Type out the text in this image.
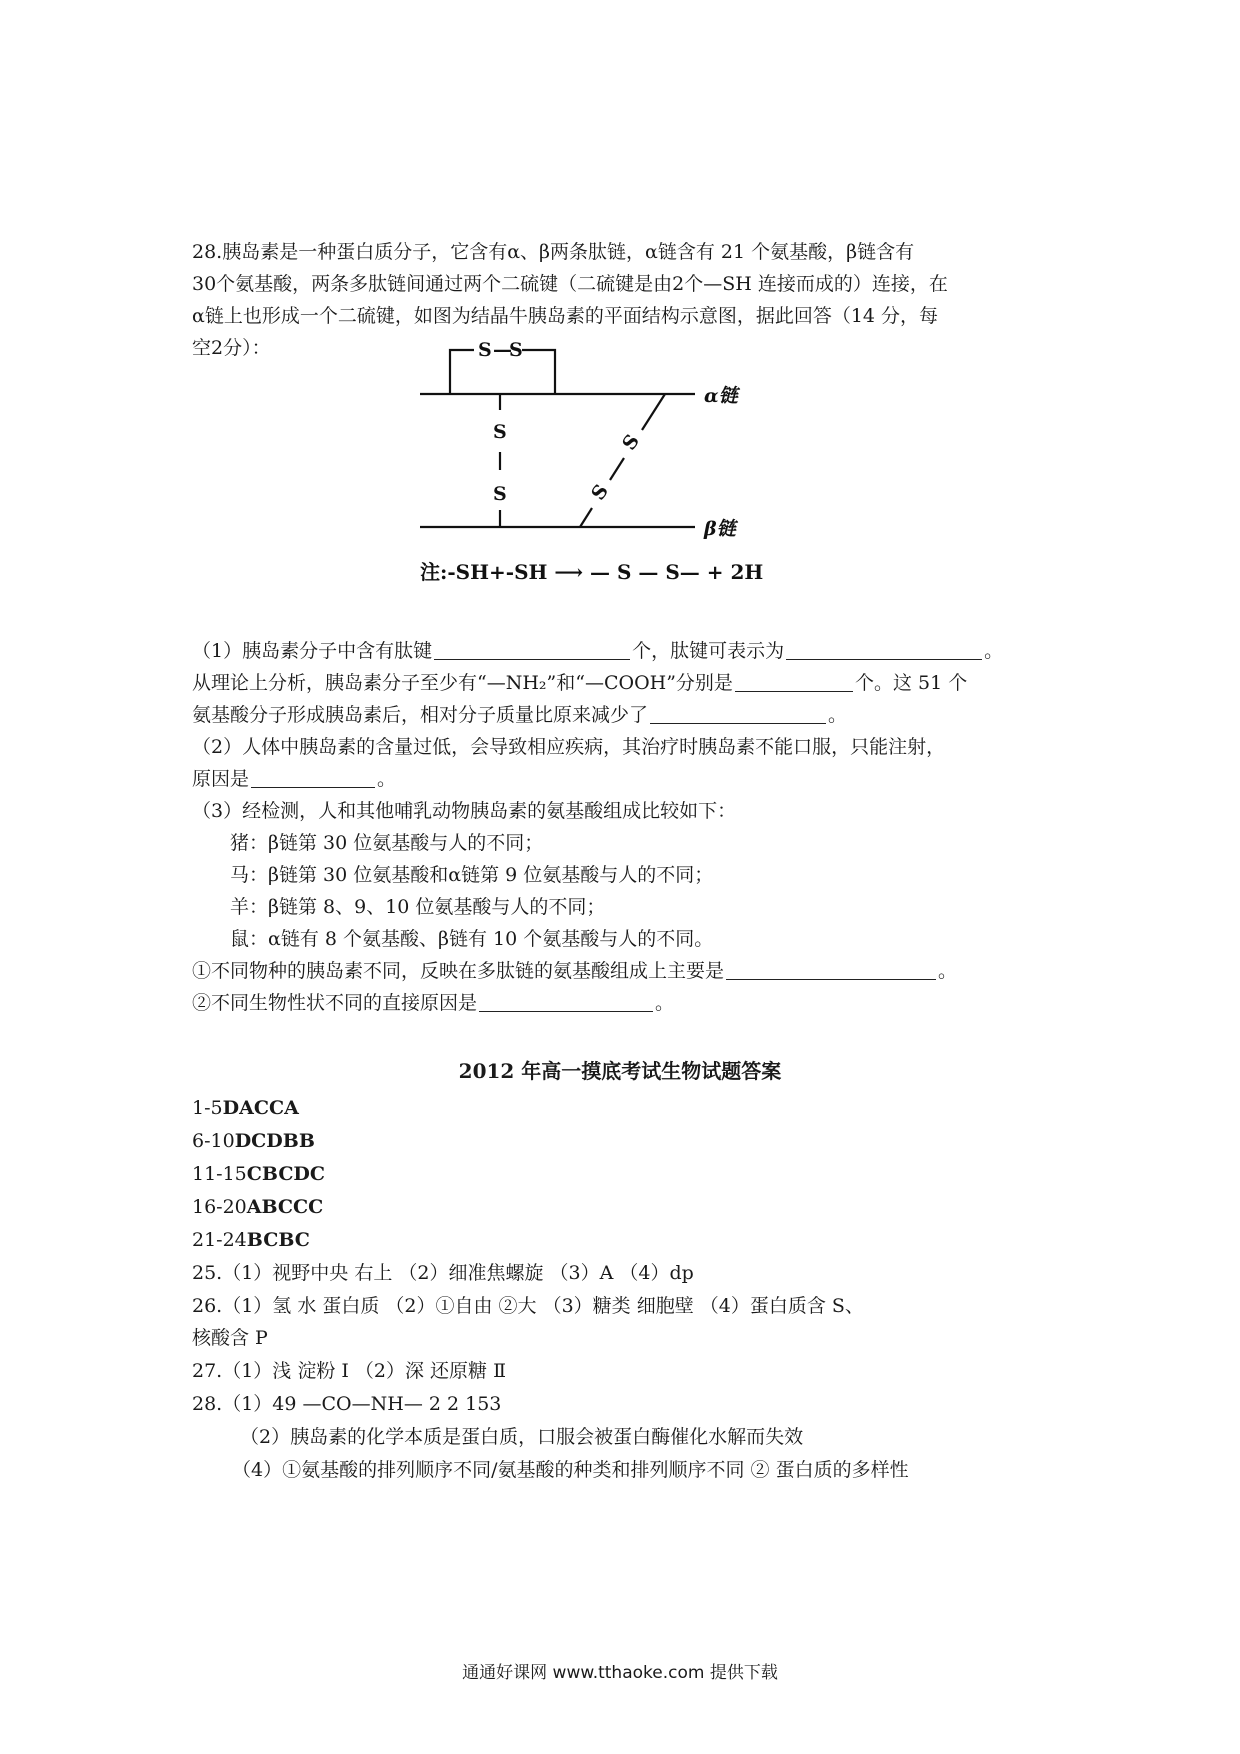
28.胰岛素是一种蛋白质分子，它含有α、β两条肽链，α链含有 21 个氨基酸，β链含有
30个氨基酸，两条多肽链间通过两个二硫键（二硫键是由2个—SH 连接而成的）连接，在
α链上也形成一个二硫键，如图为结晶牛胰岛素的平面结构示意图，据此回答（14 分，每
空2分）：	S —
S
S
S
S
S
α链
β链
注:-SH+-SH ⟶ — S — S— + 2H
（1）胰岛素分子中含有肽键	个，肽键可表示为	。
从理论上分析，胰岛素分子至少有“—NH₂”和“—COOH”分别是	个。这 51 个
氨基酸分子形成胰岛素后，相对分子质量比原来减少了	。
（2）人体中胰岛素的含量过低，会导致相应疾病，其治疗时胰岛素不能口服，只能注射，
原因是	。
（3）经检测，人和其他哺乳动物胰岛素的氨基酸组成比较如下：
猪：β链第 30 位氨基酸与人的不同；
马：β链第 30 位氨基酸和α链第 9 位氨基酸与人的不同；
羊：β链第 8、9、10 位氨基酸与人的不同；
鼠：α链有 8 个氨基酸、β链有 10 个氨基酸与人的不同。
①不同物种的胰岛素不同，反映在多肽链的氨基酸组成上主要是	。
②不同生物性状不同的直接原因是	。
2012 年高一摸底考试生物试题答案
1-5DACCA
6-10DCDBB
11-15CBCDC
16-20ABCCC
21-24BCBC
25.（1）视野中央 右上 （2）细准焦螺旋 （3）A （4）dp
26.（1）氢 水 蛋白质 （2）①自由 ②大 （3）糖类 细胞壁 （4）蛋白质含 S、
核酸含 P
27.（1）浅 淀粉 Ⅰ （2）深 还原糖 Ⅱ
28.（1）49 —CO—NH— 2 2 153
（2）胰岛素的化学本质是蛋白质，口服会被蛋白酶催化水解而失效
（4）①氨基酸的排列顺序不同/氨基酸的种类和排列顺序不同 ② 蛋白质的多样性
通通好课网 www.tthaoke.com 提供下载
